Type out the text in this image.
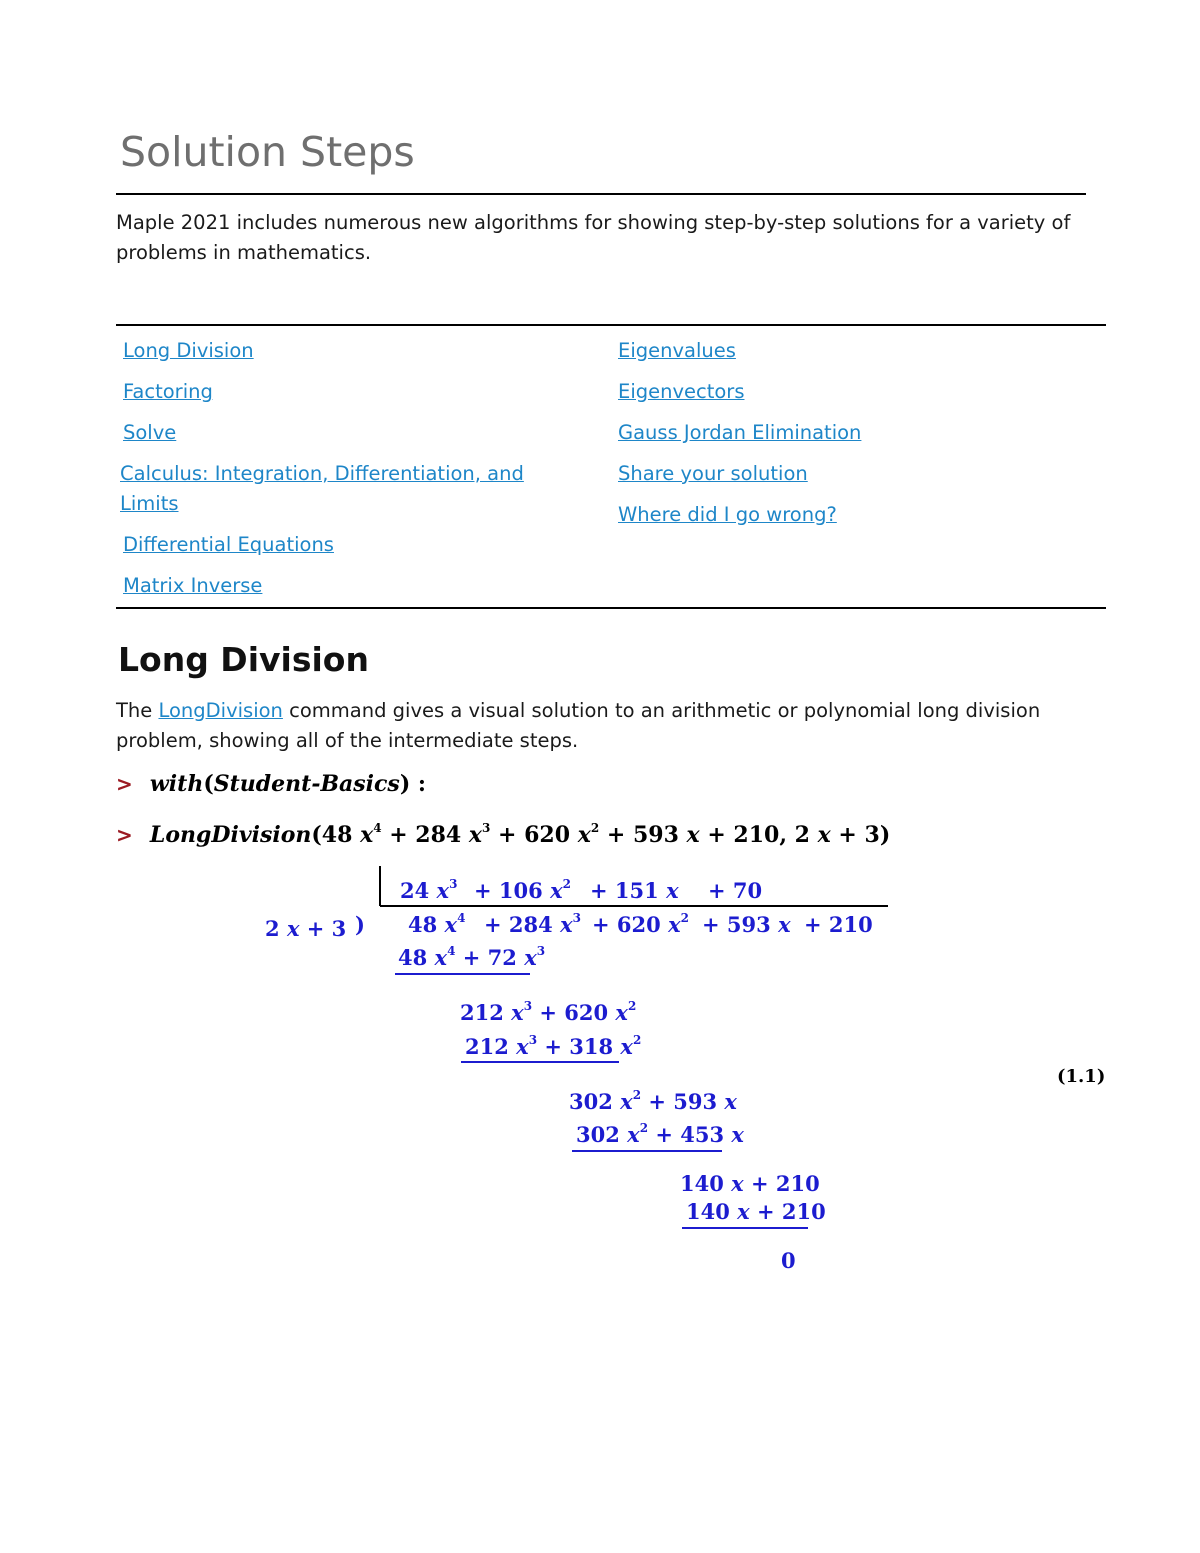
Solution Steps

Maple 2021 includes numerous new algorithms for showing step-by-step solutions for a variety of problems in mathematics.

Long Division
Factoring
Solve
Calculus: Integration, Differentiation, and
Limits
Differential Equations
Matrix Inverse
Eigenvalues
Eigenvectors
Gauss Jordan Elimination
Share your solution
Where did I go wrong?
Long Division

The LongDivision command gives a visual solution to an arithmetic or polynomial long division problem, showing all of the intermediate steps.

> with(Student-Basics) :
> LongDivision(48 $x^4 + 284$ $x^3 + 620$ $x^2 + 593$ x + 210, 2 x + 3)
24 $x^3 + 106$ $x^2 + 151$ x + 70
2 x + 3 ) 48 $x^4 + 284$ $x^3 + 620$ $x^2 + 593$ x + 210
48 $x^4 + 72$ $x^3$
212 $x^3 + 620$ $x^2$
212 $x^3 + 318$ $x^2$
302 $x^2 + 593$ x
302 $x^2 + 453$ x
140 x + 210
140 x + 210
0
(1.1)
